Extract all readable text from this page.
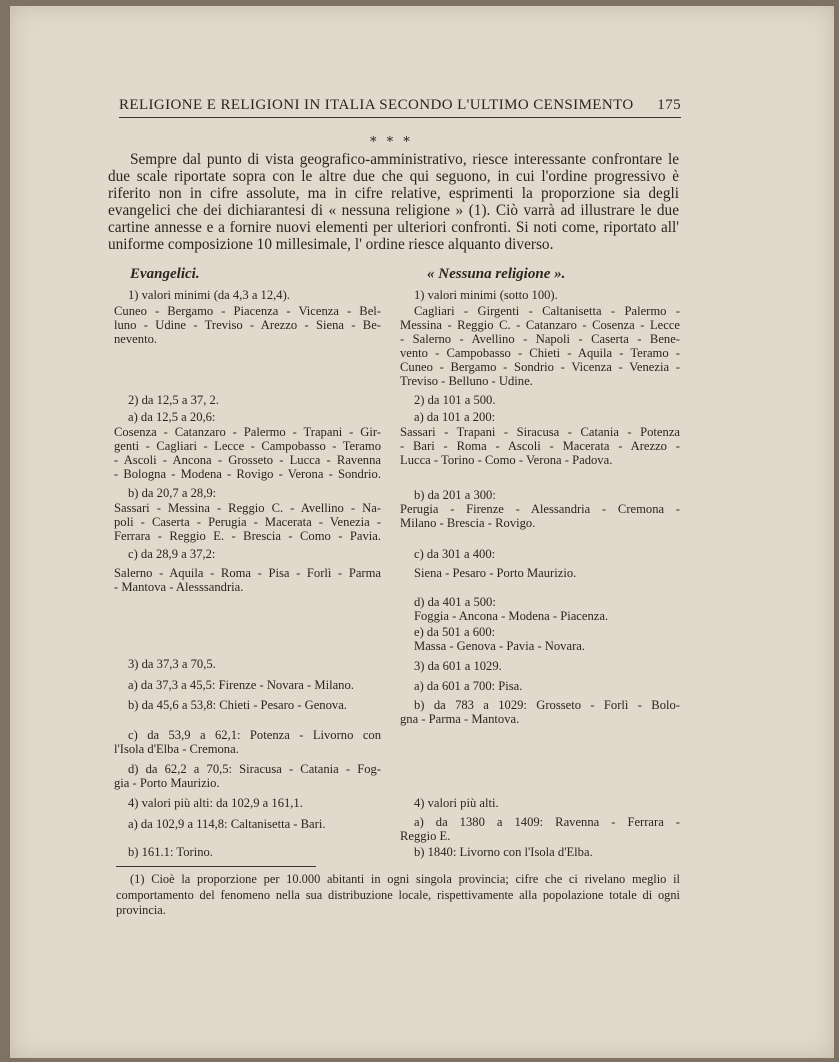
RELIGIONE E RELIGIONI IN ITALIA SECONDO L'ULTIMO CENSIMENTO 175
* * *
Sempre dal punto di vista geografico-amministrativo, riesce interessante confrontare le due scale riportate sopra con le altre due che qui seguono, in cui l'ordine progressivo è riferito non in cifre assolute, ma in cifre relative, esprimenti la proporzione sia degli evangelici che dei dichiarantesi di « nessuna religione » (1). Ciò varrà ad illustrare le due cartine annesse e a fornire nuovi elementi per ulteriori confronti. Si noti come, riportato all' uniforme composizione 10 millesimale, l' ordine riesce alquanto diverso.
Evangelici.
1) valori minimi (da 4,3 a 12,4).
Cuneo - Bergamo - Piacenza - Vicenza - Bel-
luno - Udine - Treviso - Arezzo - Siena - Be-
nevento.
2) da 12,5 a 37, 2.
a) da 12,5 a 20,6:
Cosenza - Catanzaro - Palermo - Trapani - Gir-
genti - Cagliari - Lecce - Campobasso - Teramo
- Ascoli - Ancona - Grosseto - Lucca - Ravenna
- Bologna - Modena - Rovigo - Verona - Sondrio.
b) da 20,7 a 28,9:
Sassari - Messina - Reggio C. - Avellino - Na-
poli - Caserta - Perugia - Macerata - Venezia -
Ferrara - Reggio E. - Brescia - Como - Pavia.
c) da 28,9 a 37,2:
Salerno - Aquila - Roma - Pisa - Forlì - Parma
- Mantova - Alesssandria.
3) da 37,3 a 70,5.
a) da 37,3 a 45,5: Firenze - Novara - Milano.
b) da 45,6 a 53,8: Chieti - Pesaro - Genova.
c) da 53,9 a 62,1: Potenza - Livorno con
l'Isola d'Elba - Cremona.
d) da 62,2 a 70,5: Siracusa - Catania - Fog-
gia - Porto Maurizio.
4) valori più alti: da 102,9 a 161,1.
a) da 102,9 a 114,8: Caltanisetta - Bari.
b) 161.1: Torino.
« Nessuna religione ».
1) valori minimi (sotto 100).
Cagliari - Girgenti - Caltanisetta - Palermo -
Messina - Reggio C. - Catanzaro - Cosenza - Lecce
- Salerno - Avellino - Napoli - Caserta - Bene-
vento - Campobasso - Chieti - Aquila - Teramo -
Cuneo - Bergamo - Sondrio - Vicenza - Venezia -
Treviso - Belluno - Udine.
2) da 101 a 500.
a) da 101 a 200:
Sassari - Trapani - Siracusa - Catania - Potenza
- Bari - Roma - Ascoli - Macerata - Arezzo -
Lucca - Torino - Como - Verona - Padova.
b) da 201 a 300:
Perugia - Firenze - Alessandria - Cremona -
Milano - Brescia - Rovigo.
c) da 301 a 400:
Siena - Pesaro - Porto Maurizio.
d) da 401 a 500:
Foggia - Ancona - Modena - Piacenza.
e) da 501 a 600:
Massa - Genova - Pavia - Novara.
3) da 601 a 1029.
a) da 601 a 700: Pisa.
b) da 783 a 1029: Grosseto - Forlì - Bolo-
gna - Parma - Mantova.
4) valori più alti.
a) da 1380 a 1409: Ravenna - Ferrara -
Reggio E.
b) 1840: Livorno con l'Isola d'Elba.
(1) Cioè la proporzione per 10.000 abitanti in ogni singola provincia; cifre che ci rivelano meglio il comportamento del fenomeno nella sua distribuzione locale, rispettivamente alla popolazione totale di ogni provincia.
